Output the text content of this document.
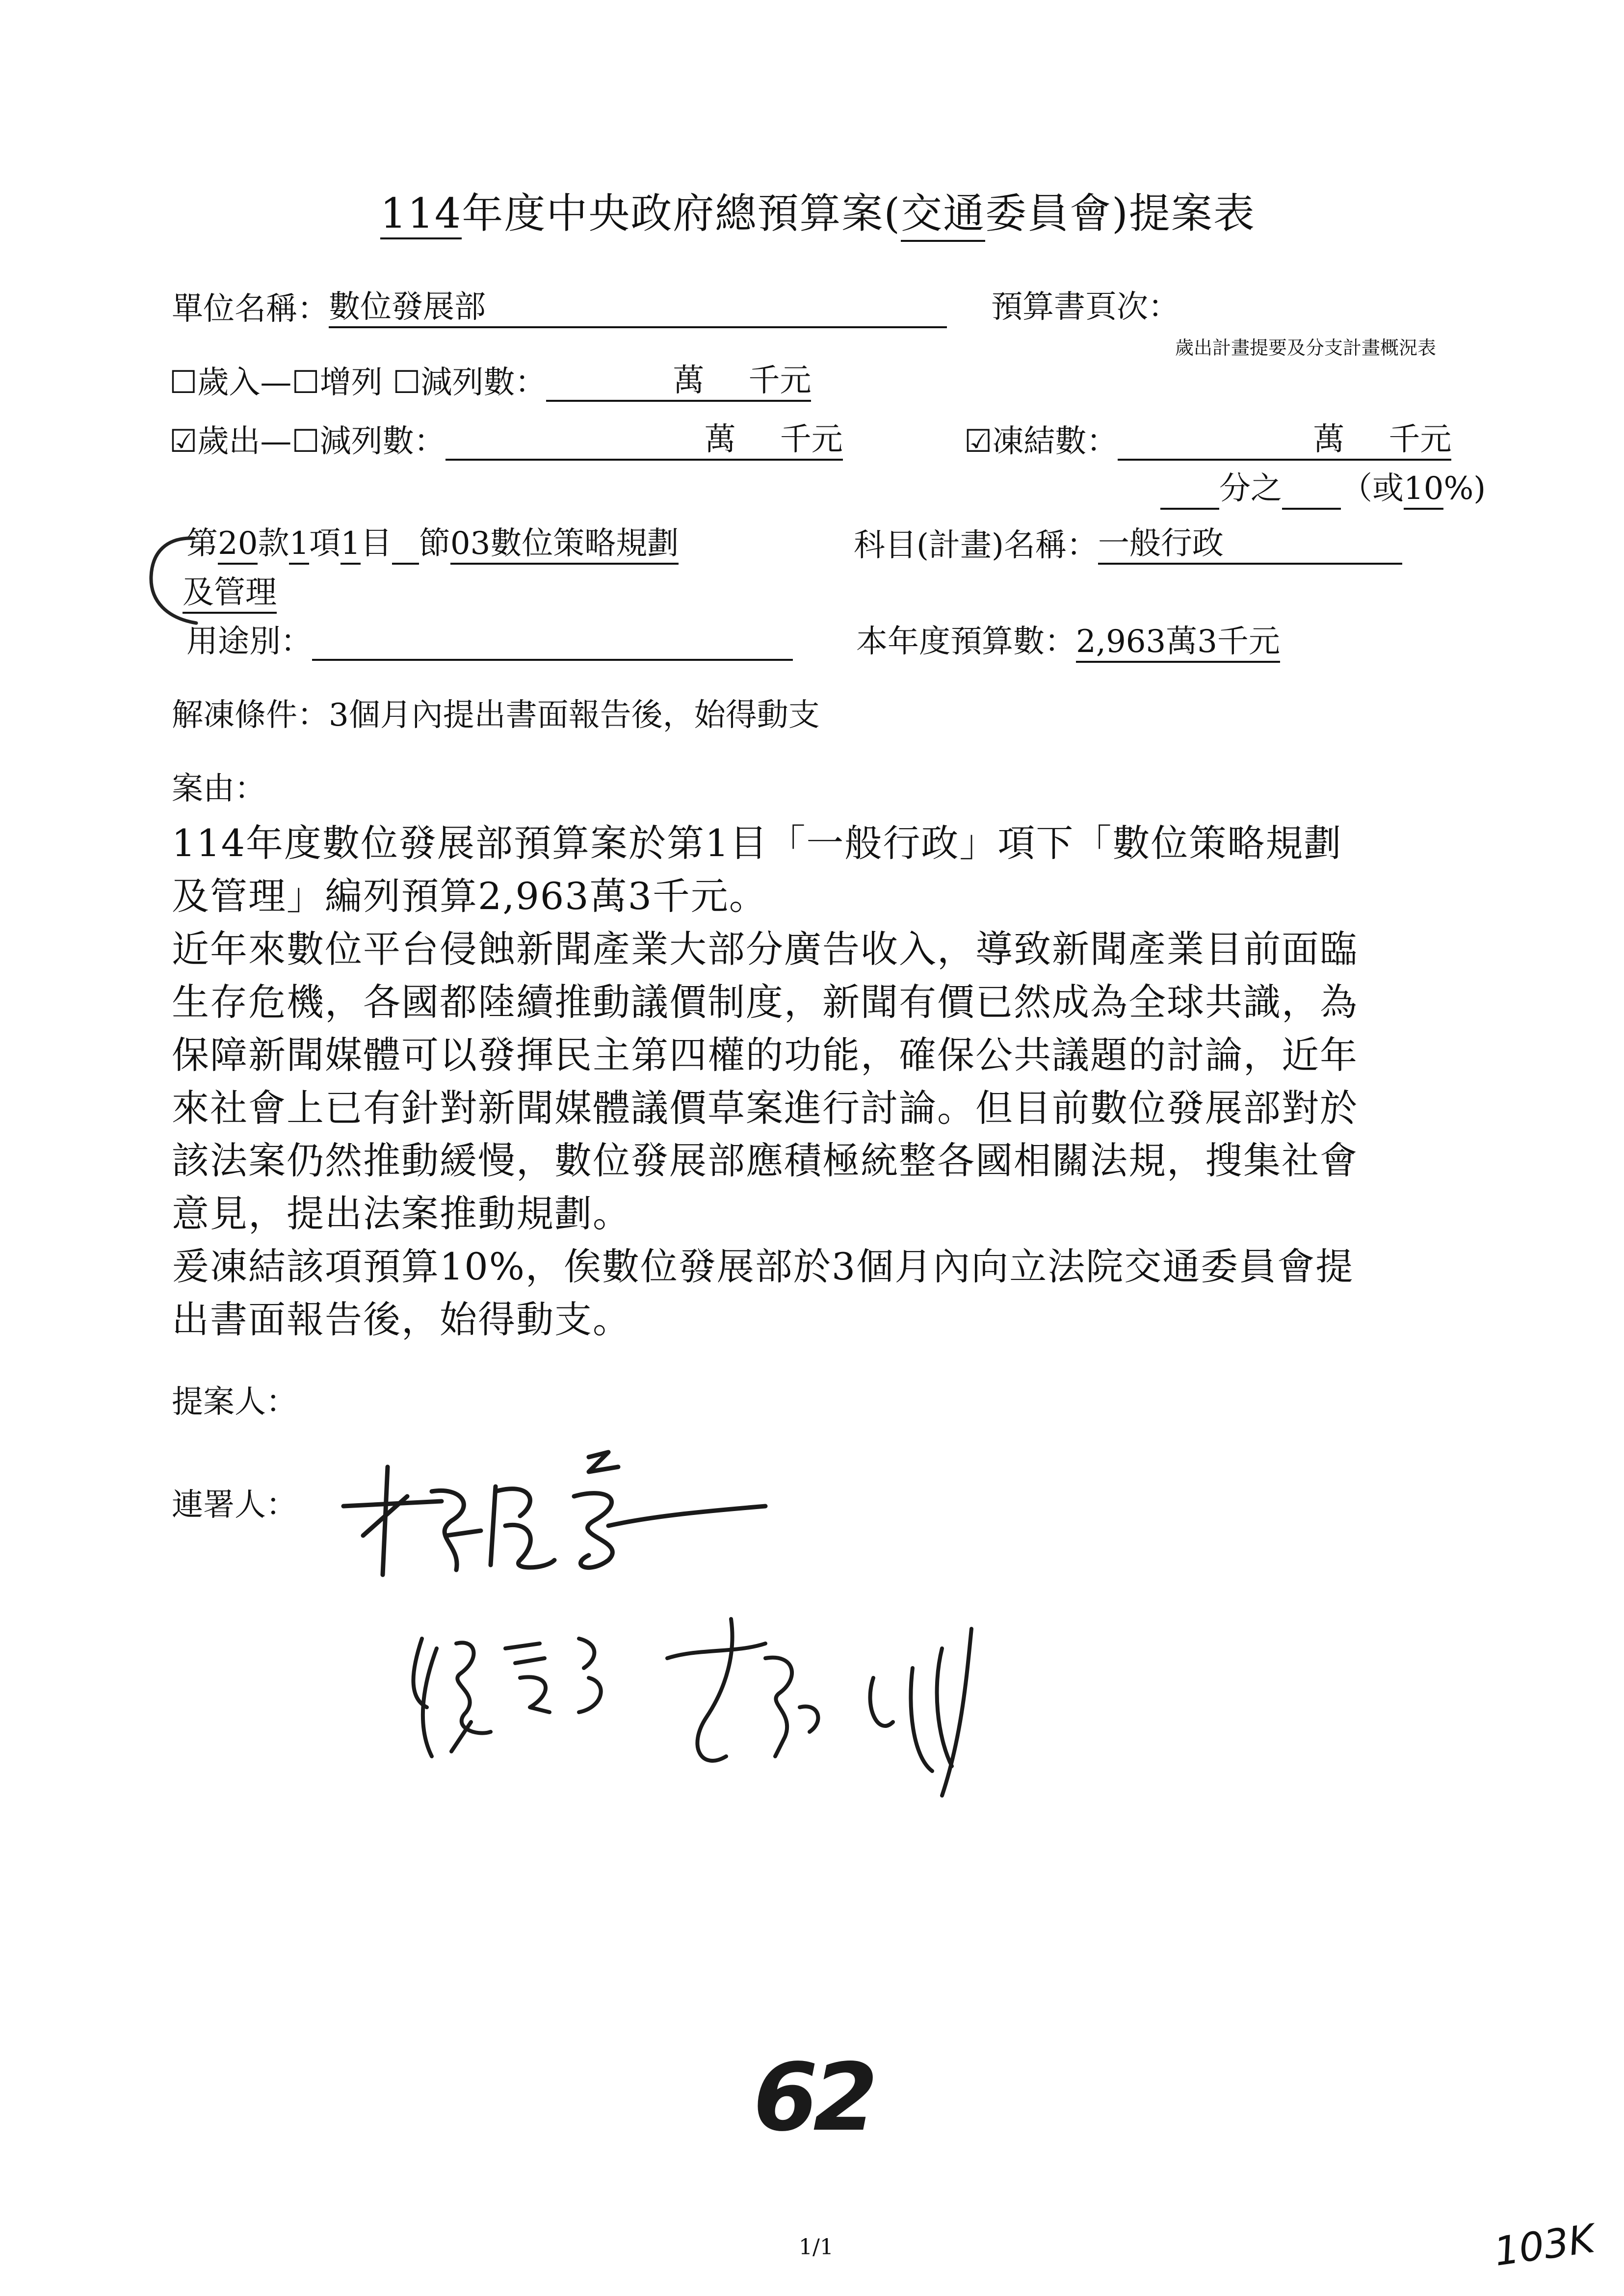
114年度中央政府總預算案(交通委員會)提案表
單位名稱：數位發展部	預算書頁次：
歲出計畫提要及分支計畫概況表
☐歲入—☐增列 ☐減列數：	萬 千元
☑歲出—☐減列數：	萬 千元	☑凍結數：	萬 千元
分之 （或10%)
第20款1項1目 節03數位策略規劃	科目(計畫)名稱：一般行政
及管理
用途別：	本年度預算數：2,963萬3千元
解凍條件：3個月內提出書面報告後，始得動支
案由：
114年度數位發展部預算案於第1目「一般行政」項下「數位策略規劃
及管理」編列預算2,963萬3千元。
近年來數位平台侵蝕新聞產業大部分廣告收入，導致新聞產業目前面臨
生存危機，各國都陸續推動議價制度，新聞有價已然成為全球共識，為
保障新聞媒體可以發揮民主第四權的功能，確保公共議題的討論，近年
來社會上已有針對新聞媒體議價草案進行討論。但目前數位發展部對於
該法案仍然推動緩慢，數位發展部應積極統整各國相關法規，搜集社會
意見，提出法案推動規劃。
爰凍結該項預算10%，俟數位發展部於3個月內向立法院交通委員會提
出書面報告後，始得動支。
提案人：
連署人：
62
1/1	103K
